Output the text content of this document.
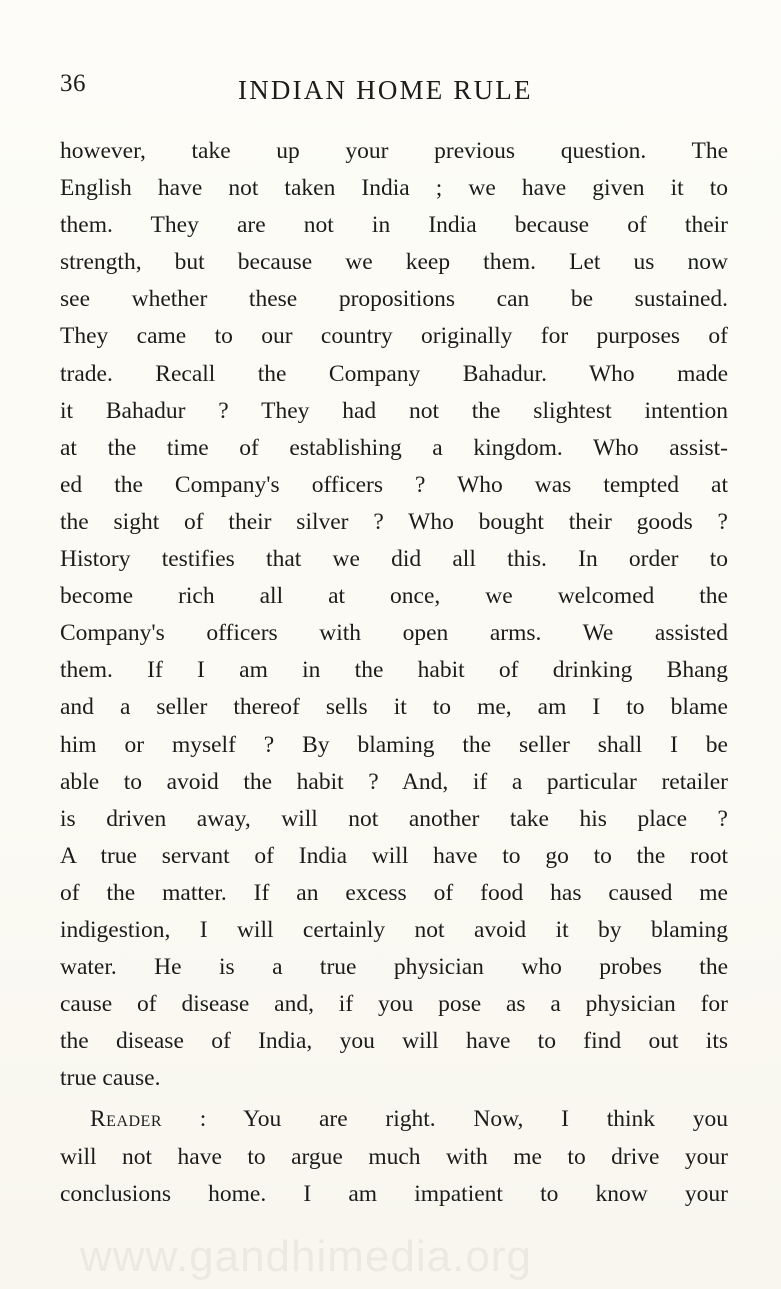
36	INDIAN HOME RULE
however, take up your previous question. The
English have not taken India ; we have given it to
them. They are not in India because of their
strength, but because we keep them. Let us now
see whether these propositions can be sustained.
They came to our country originally for purposes of
trade. Recall the Company Bahadur. Who made
it Bahadur ? They had not the slightest intention
at the time of establishing a kingdom. Who assist-
ed the Company's officers ? Who was tempted at
the sight of their silver ? Who bought their goods ?
History testifies that we did all this. In order to
become rich all at once, we welcomed the
Company's officers with open arms. We assisted
them. If I am in the habit of drinking Bhang
and a seller thereof sells it to me, am I to blame
him or myself ? By blaming the seller shall I be
able to avoid the habit ? And, if a particular retailer
is driven away, will not another take his place ?
A true servant of India will have to go to the root
of the matter. If an excess of food has caused me
indigestion, I will certainly not avoid it by blaming
water. He is a true physician who probes the
cause of disease and, if you pose as a physician for
the disease of India, you will have to find out its
true cause.
Reader : You are right. Now, I think you
will not have to argue much with me to drive your
conclusions home. I am impatient to know your
www.gandhimedia.org
